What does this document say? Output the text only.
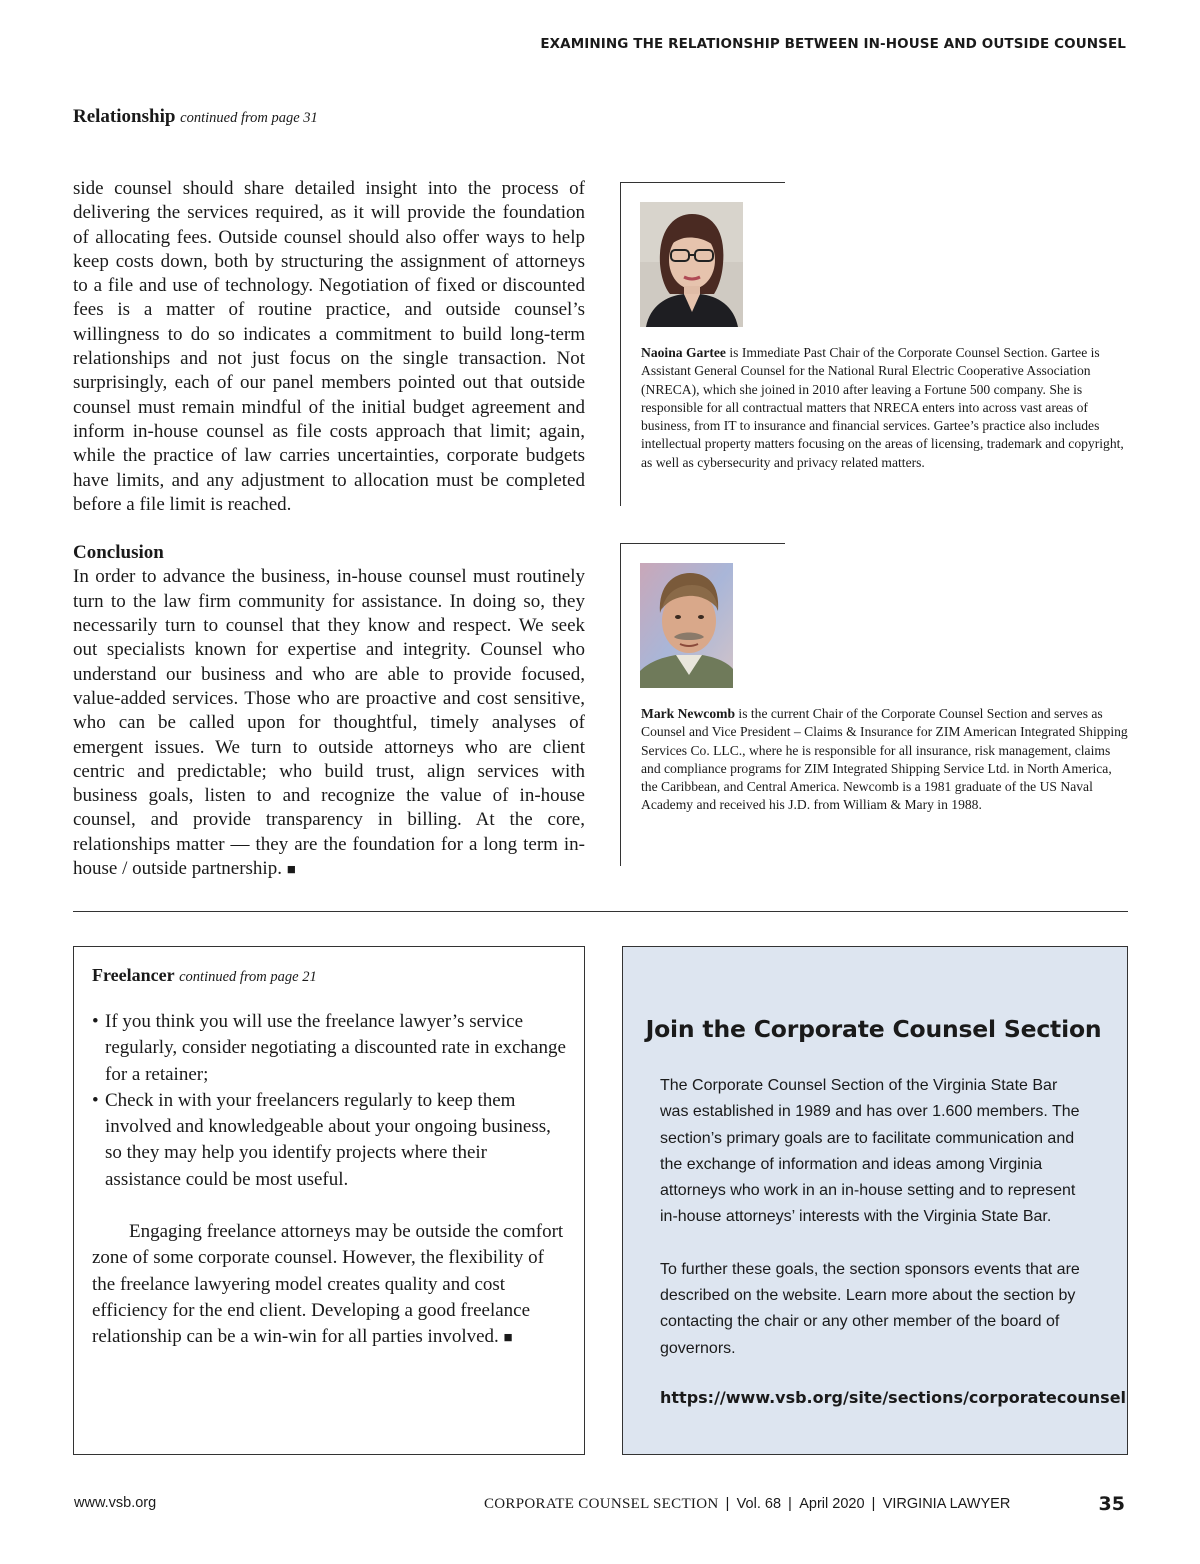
EXAMINING THE RELATIONSHIP BETWEEN IN-HOUSE AND OUTSIDE COUNSEL
Relationship continued from page 31

side counsel should share detailed insight into the process of delivering the services required, as it will provide the foundation of allocating fees. Outside counsel should also offer ways to help keep costs down, both by structuring the assignment of attorneys to a file and use of technology. Negotiation of fixed or discounted fees is a matter of routine practice, and outside counsel’s willingness to do so indicates a commitment to build long-term relationships and not just focus on the single transaction. Not surprisingly, each of our panel members pointed out that outside counsel must remain mindful of the initial budget agreement and inform in-house counsel as file costs approach that limit; again, while the practice of law carries uncertainties, corporate budgets have limits, and any adjustment to allocation must be completed before a file limit is reached.

Conclusion

In order to advance the business, in-house counsel must routinely turn to the law firm community for assistance. In doing so, they necessarily turn to counsel that they know and respect. We seek out specialists known for expertise and integrity. Counsel who understand our business and who are able to provide focused, value-added services. Those who are proactive and cost sensitive, who can be called upon for thoughtful, timely analyses of emergent issues. We turn to outside attorneys who are client centric and predictable; who build trust, align services with business goals, listen to and recognize the value of in-house counsel, and provide transparency in billing. At the core, relationships matter — they are the foundation for a long term in-house / outside partnership. ■

Naoina Gartee is Immediate Past Chair of the Corporate Counsel Section. Gartee is Assistant General Counsel for the National Rural Electric Cooperative Association (NRECA), which she joined in 2010 after leaving a Fortune 500 company. She is responsible for all contractual matters that NRECA enters into across vast areas of business, from IT to insurance and financial services. Gartee’s practice also includes intellectual property matters focusing on the areas of licensing, trademark and copyright, as well as cybersecurity and privacy related matters.
Mark Newcomb is the current Chair of the Corporate Counsel Section and serves as Counsel and Vice President – Claims & Insurance for ZIM American Integrated Shipping Services Co. LLC., where he is responsible for all insurance, risk management, claims and compliance programs for ZIM Integrated Shipping Service Ltd. in North America, the Caribbean, and Central America. Newcomb is a 1981 graduate of the US Naval Academy and received his J.D. from William & Mary in 1988.
Freelancer continued from page 21
• If you think you will use the freelance lawyer’s service regularly, consider negotiating a discounted rate in exchange for a retainer;
• Check in with your freelancers regularly to keep them involved and knowledgeable about your ongoing business, so they may help you identify projects where their assistance could be most useful.

Engaging freelance attorneys may be outside the comfort zone of some corporate counsel. However, the flexibility of the freelance lawyering model creates quality and cost efficiency for the end client. Developing a good freelance relationship can be a win-win for all parties involved. ■

Join the Corporate Counsel Section

The Corporate Counsel Section of the Virginia State Bar was established in 1989 and has over 1.600 members. The section’s primary goals are to facilitate communication and the exchange of information and ideas among Virginia attorneys who work in an in-house setting and to represent in-house attorneys’ interests with the Virginia State Bar.

To further these goals, the section sponsors events that are described on the website. Learn more about the section by contacting the chair or any other member of the board of governors.

https://www.vsb.org/site/sections/corporatecounsel
www.vsb.org	CORPORATE COUNSEL SECTION | Vol. 68 | April 2020 | VIRGINIA LAWYER	35
